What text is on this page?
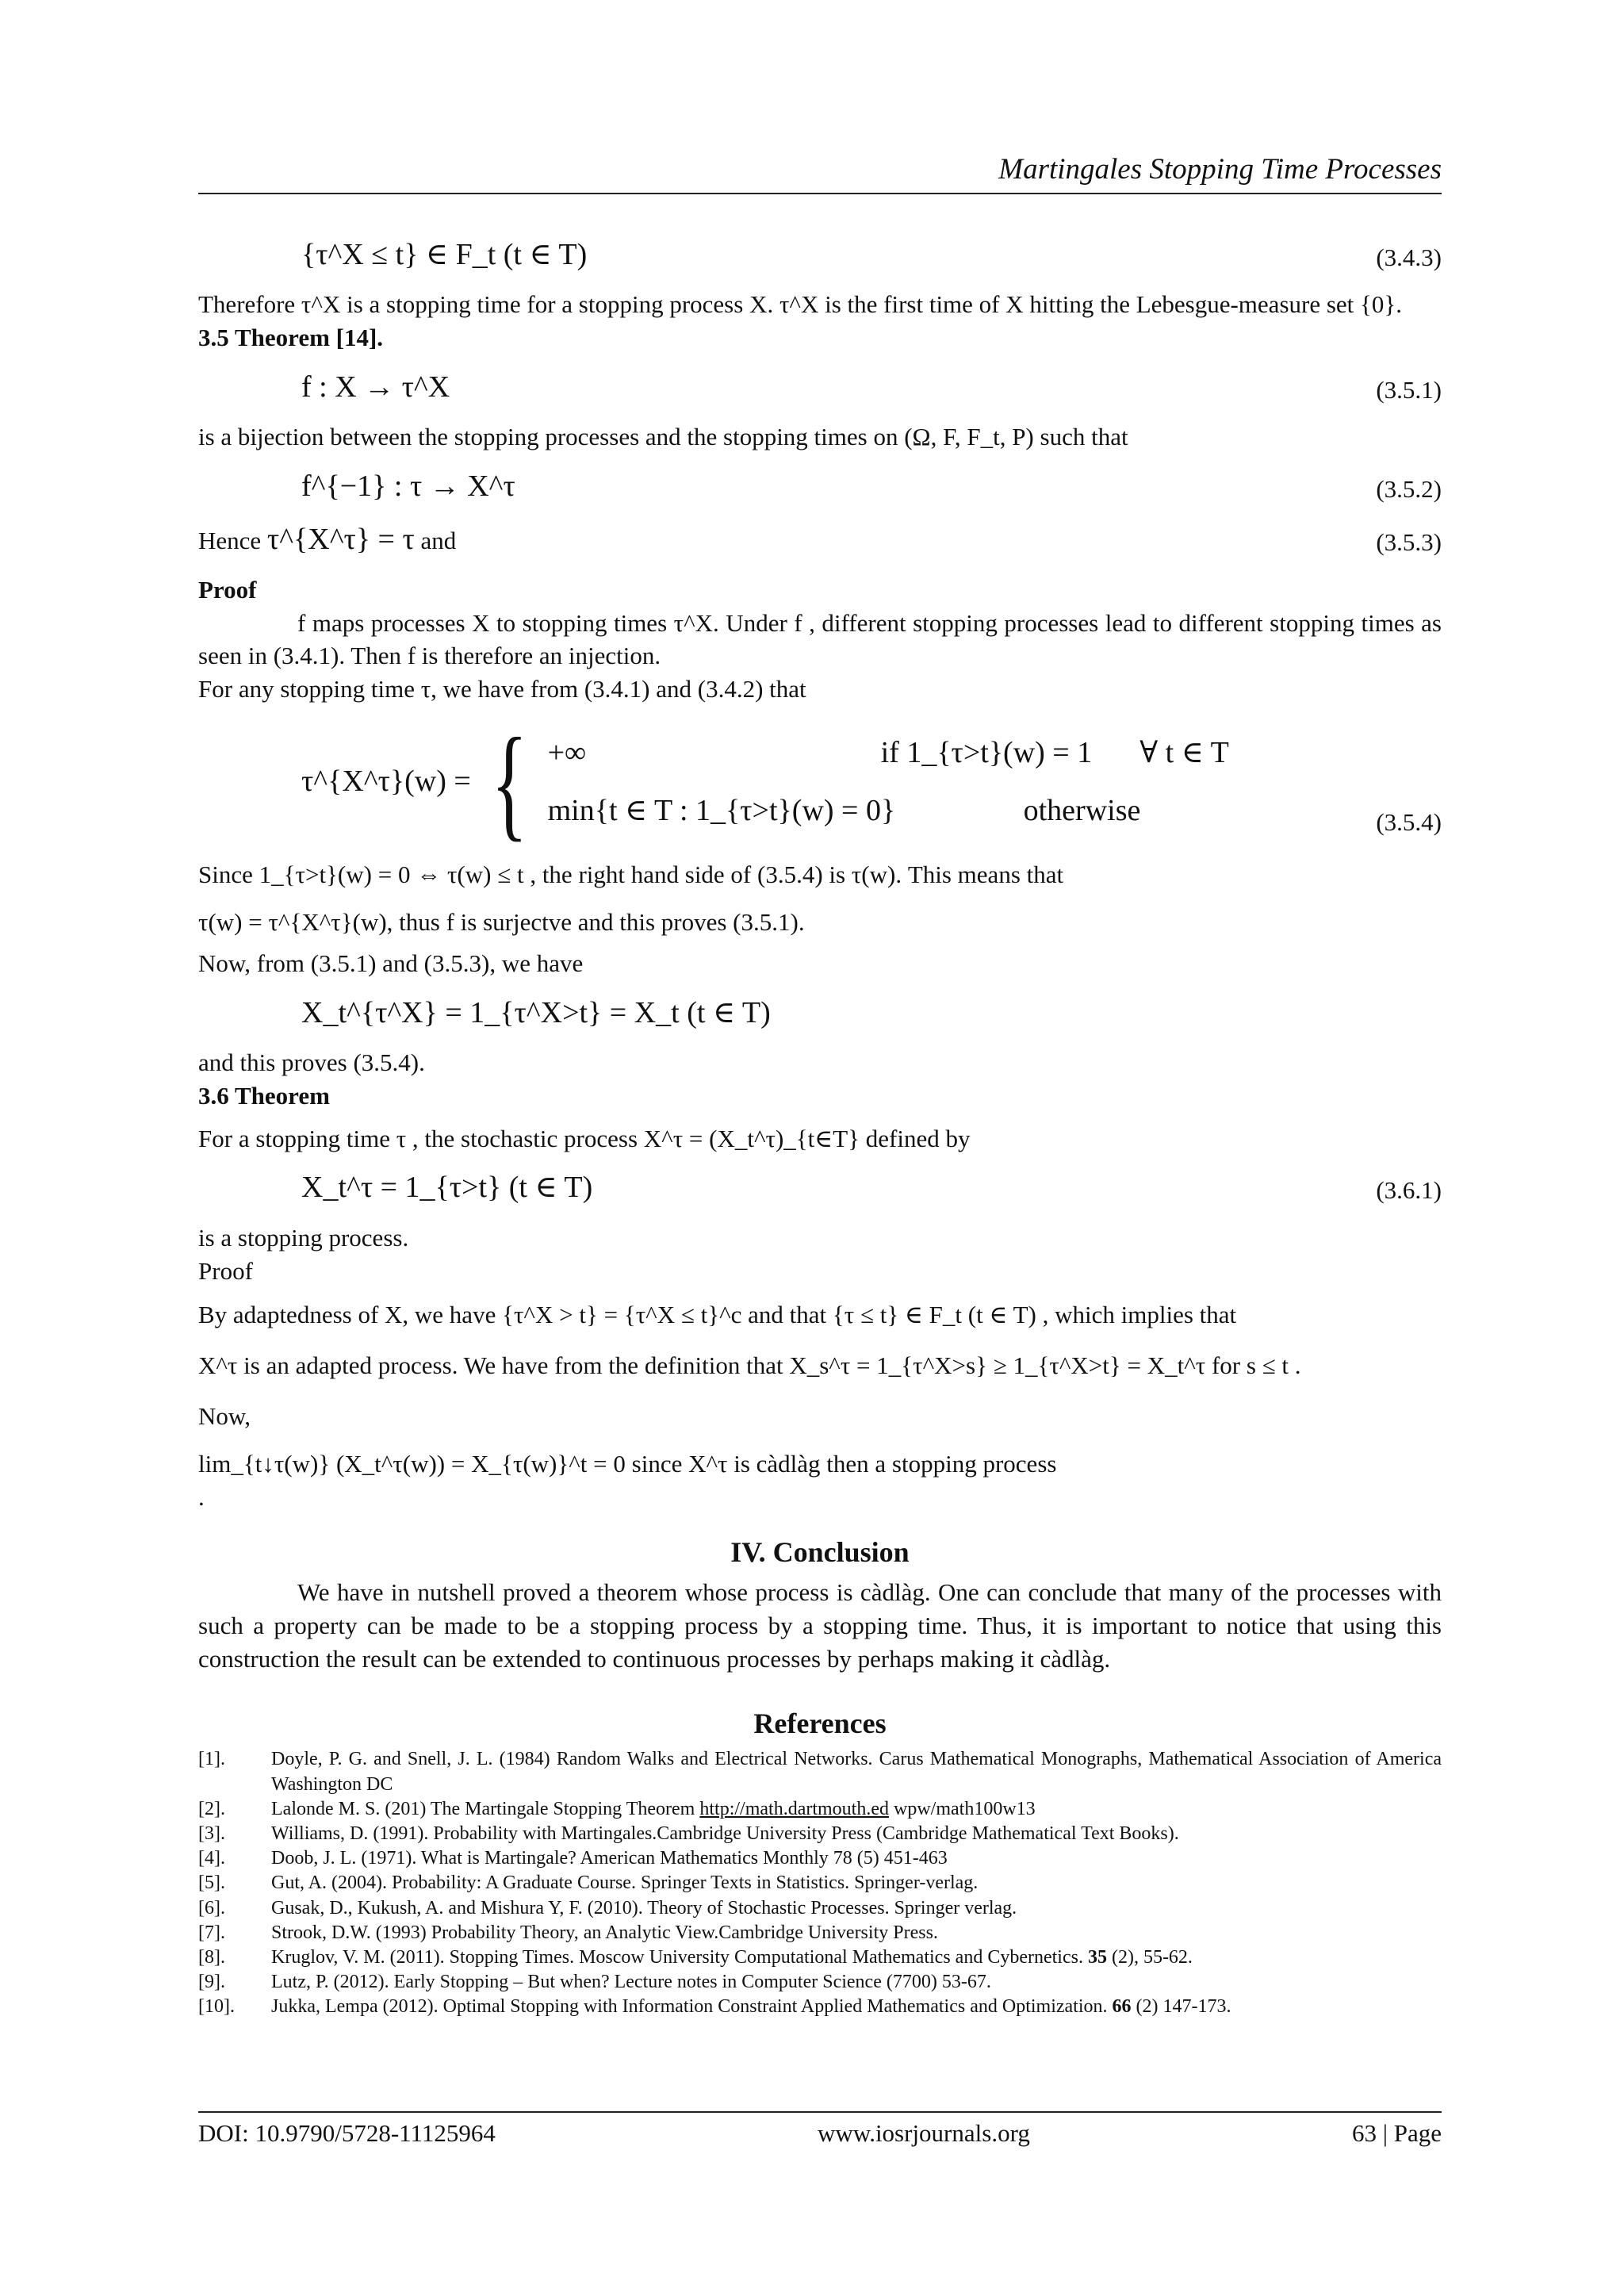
Martingales Stopping Time Processes
{τ^X ≤ t} ∈ F_t (t ∈ T)	(3.4.3)

Therefore τ^X is a stopping time for a stopping process X. τ^X is the first time of X hitting the Lebesgue-measure set {0}.

3.5 Theorem [14].

f : X → τ^X	(3.5.1)

is a bijection between the stopping processes and the stopping times on (Ω, F, F_t, P) such that

f^{−1} : τ → X^τ	(3.5.2)
Hence τ^{X^τ} = τ and	(3.5.3)

Proof

f maps processes X to stopping times τ^X. Under f , different stopping processes lead to different stopping times as seen in (3.4.1). Then f is therefore an injection.

For any stopping time τ, we have from (3.4.1) and (3.4.2) that

τ^{X^τ}(w) = { +∞	if 1_{τ>t}(w) = 1 ∀ t ∈ T
min{t ∈ T : 1_{τ>t}(w) = 0}	otherwise	(3.5.4)

Since 1_{τ>t}(w) = 0 ⇔ τ(w) ≤ t , the right hand side of (3.5.4) is τ(w). This means that

τ(w) = τ^{X^τ}(w), thus f is surjectve and this proves (3.5.1).

Now, from (3.5.1) and (3.5.3), we have

X_t^{τ^X} = 1_{τ^X>t} = X_t (t ∈ T)

and this proves (3.5.4).

3.6 Theorem

For a stopping time τ , the stochastic process X^τ = (X_t^τ)_{t∈T} defined by

X_t^τ = 1_{τ>t} (t ∈ T)	(3.6.1)

is a stopping process.

Proof

By adaptedness of X, we have {τ^X > t} = {τ^X ≤ t}^c and that {τ ≤ t} ∈ F_t (t ∈ T) , which implies that

X^τ is an adapted process. We have from the definition that X_s^τ = 1_{τ^X>s} ≥ 1_{τ^X>t} = X_t^τ for s ≤ t .

Now,

lim_{t↓τ(w)} (X_t^τ(w)) = X_{τ(w)}^t = 0 since X^τ is càdlàg then a stopping process

.

IV. Conclusion

We have in nutshell proved a theorem whose process is càdlàg. One can conclude that many of the processes with such a property can be made to be a stopping process by a stopping time. Thus, it is important to notice that using this construction the result can be extended to continuous processes by perhaps making it càdlàg.

References
[1].	Doyle, P. G. and Snell, J. L. (1984) Random Walks and Electrical Networks. Carus Mathematical Monographs, Mathematical Association of America Washington DC
[2].	Lalonde M. S. (201) The Martingale Stopping Theorem http://math.dartmouth.ed wpw/math100w13
[3].	Williams, D. (1991). Probability with Martingales.Cambridge University Press (Cambridge Mathematical Text Books).
[4].	Doob, J. L. (1971). What is Martingale? American Mathematics Monthly 78 (5) 451-463
[5].	Gut, A. (2004). Probability: A Graduate Course. Springer Texts in Statistics. Springer-verlag.
[6].	Gusak, D., Kukush, A. and Mishura Y, F. (2010). Theory of Stochastic Processes. Springer verlag.
[7].	Strook, D.W. (1993) Probability Theory, an Analytic View.Cambridge University Press.
[8].	Kruglov, V. M. (2011). Stopping Times. Moscow University Computational Mathematics and Cybernetics. 35 (2), 55-62.
[9].	Lutz, P. (2012). Early Stopping – But when? Lecture notes in Computer Science (7700) 53-67.
[10].	Jukka, Lempa (2012). Optimal Stopping with Information Constraint Applied Mathematics and Optimization. 66 (2) 147-173.
DOI: 10.9790/5728-11125964	www.iosrjournals.org	63 | Page
